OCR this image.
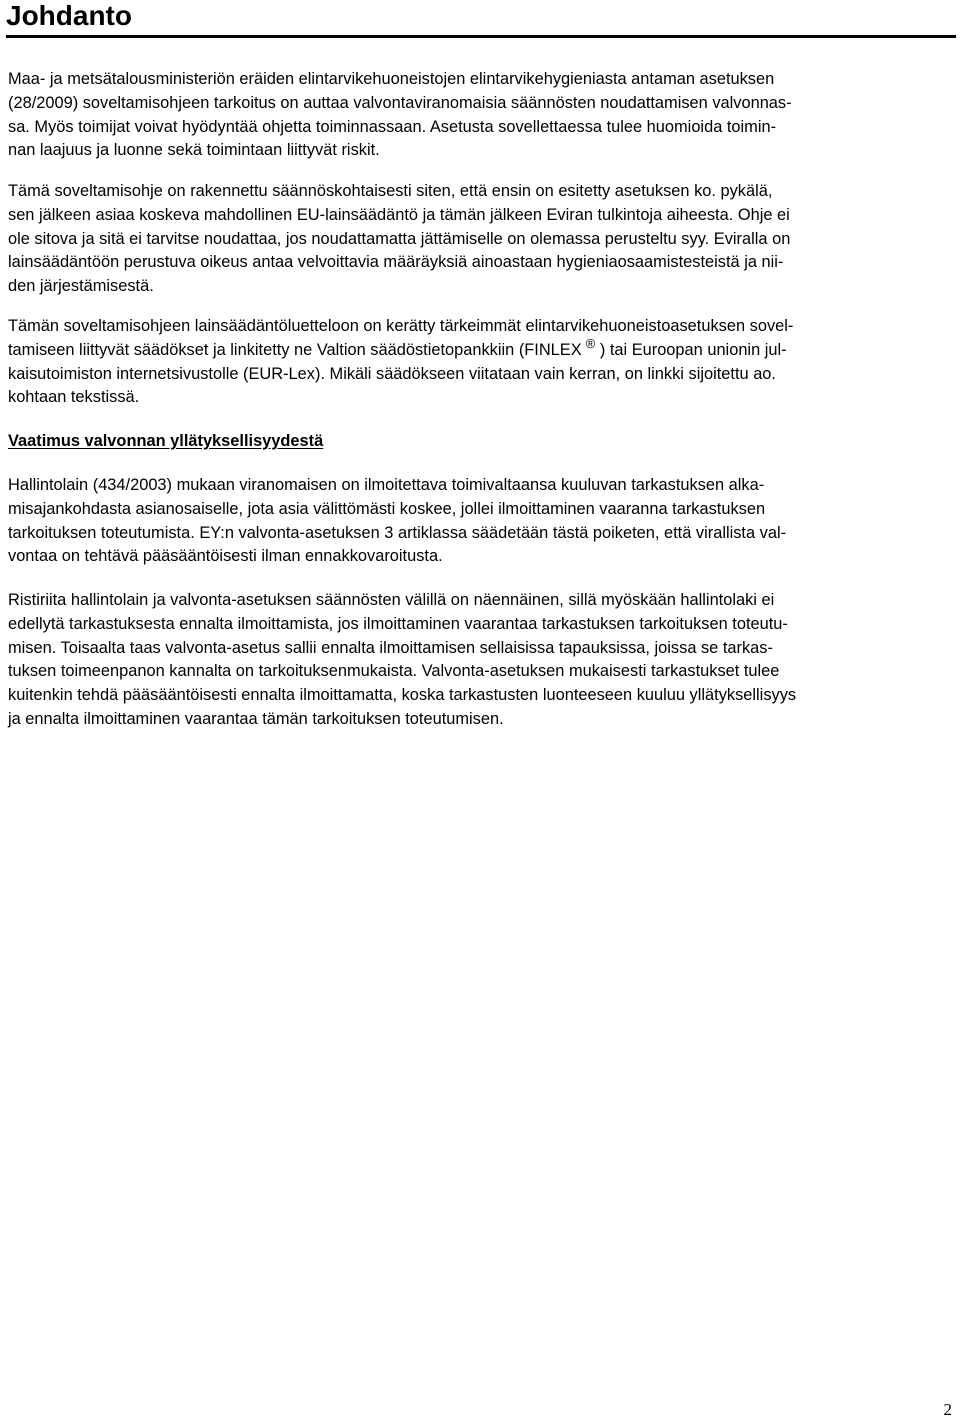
Johdanto

Maa- ja metsätalousministeriön eräiden elintarvikehuoneistojen elintarvikehygieniasta antaman asetuksen
(28/2009) soveltamisohjeen tarkoitus on auttaa valvontaviranomaisia säännösten noudattamisen valvonnas-
sa. Myös toimijat voivat hyödyntää ohjetta toiminnassaan. Asetusta sovellettaessa tulee huomioida toimin-
nan laajuus ja luonne sekä toimintaan liittyvät riskit.

Tämä soveltamisohje on rakennettu säännöskohtaisesti siten, että ensin on esitetty asetuksen ko. pykälä,
sen jälkeen asiaa koskeva mahdollinen EU-lainsäädäntö ja tämän jälkeen Eviran tulkintoja aiheesta. Ohje ei
ole sitova ja sitä ei tarvitse noudattaa, jos noudattamatta jättämiselle on olemassa perusteltu syy. Eviralla on
lainsäädäntöön perustuva oikeus antaa velvoittavia määräyksiä ainoastaan hygieniaosaamistesteistä ja nii-
den järjestämisestä.

Tämän soveltamisohjeen lainsäädäntöluetteloon on kerätty tärkeimmät elintarvikehuoneistoasetuksen sovel-
tamiseen liittyvät säädökset ja linkitetty ne Valtion säädöstietopankkiin (FINLEX ® ) tai Euroopan unionin jul-
kaisutoimiston internetsivustolle (EUR-Lex). Mikäli säädökseen viitataan vain kerran, on linkki sijoitettu ao.
kohtaan tekstissä.

Vaatimus valvonnan yllätyksellisyydestä

Hallintolain (434/2003) mukaan viranomaisen on ilmoitettava toimivaltaansa kuuluvan tarkastuksen alka-
misajankohdasta asianosaiselle, jota asia välittömästi koskee, jollei ilmoittaminen vaaranna tarkastuksen
tarkoituksen toteutumista. EY:n valvonta-asetuksen 3 artiklassa säädetään tästä poiketen, että virallista val-
vontaa on tehtävä pääsääntöisesti ilman ennakkovaroitusta.

Ristiriita hallintolain ja valvonta-asetuksen säännösten välillä on näennäinen, sillä myöskään hallintolaki ei
edellytä tarkastuksesta ennalta ilmoittamista, jos ilmoittaminen vaarantaa tarkastuksen tarkoituksen toteutu-
misen. Toisaalta taas valvonta-asetus sallii ennalta ilmoittamisen sellaisissa tapauksissa, joissa se tarkas-
tuksen toimeenpanon kannalta on tarkoituksenmukaista. Valvonta-asetuksen mukaisesti tarkastukset tulee
kuitenkin tehdä pääsääntöisesti ennalta ilmoittamatta, koska tarkastusten luonteeseen kuuluu yllätyksellisyys
ja ennalta ilmoittaminen vaarantaa tämän tarkoituksen toteutumisen.

2
